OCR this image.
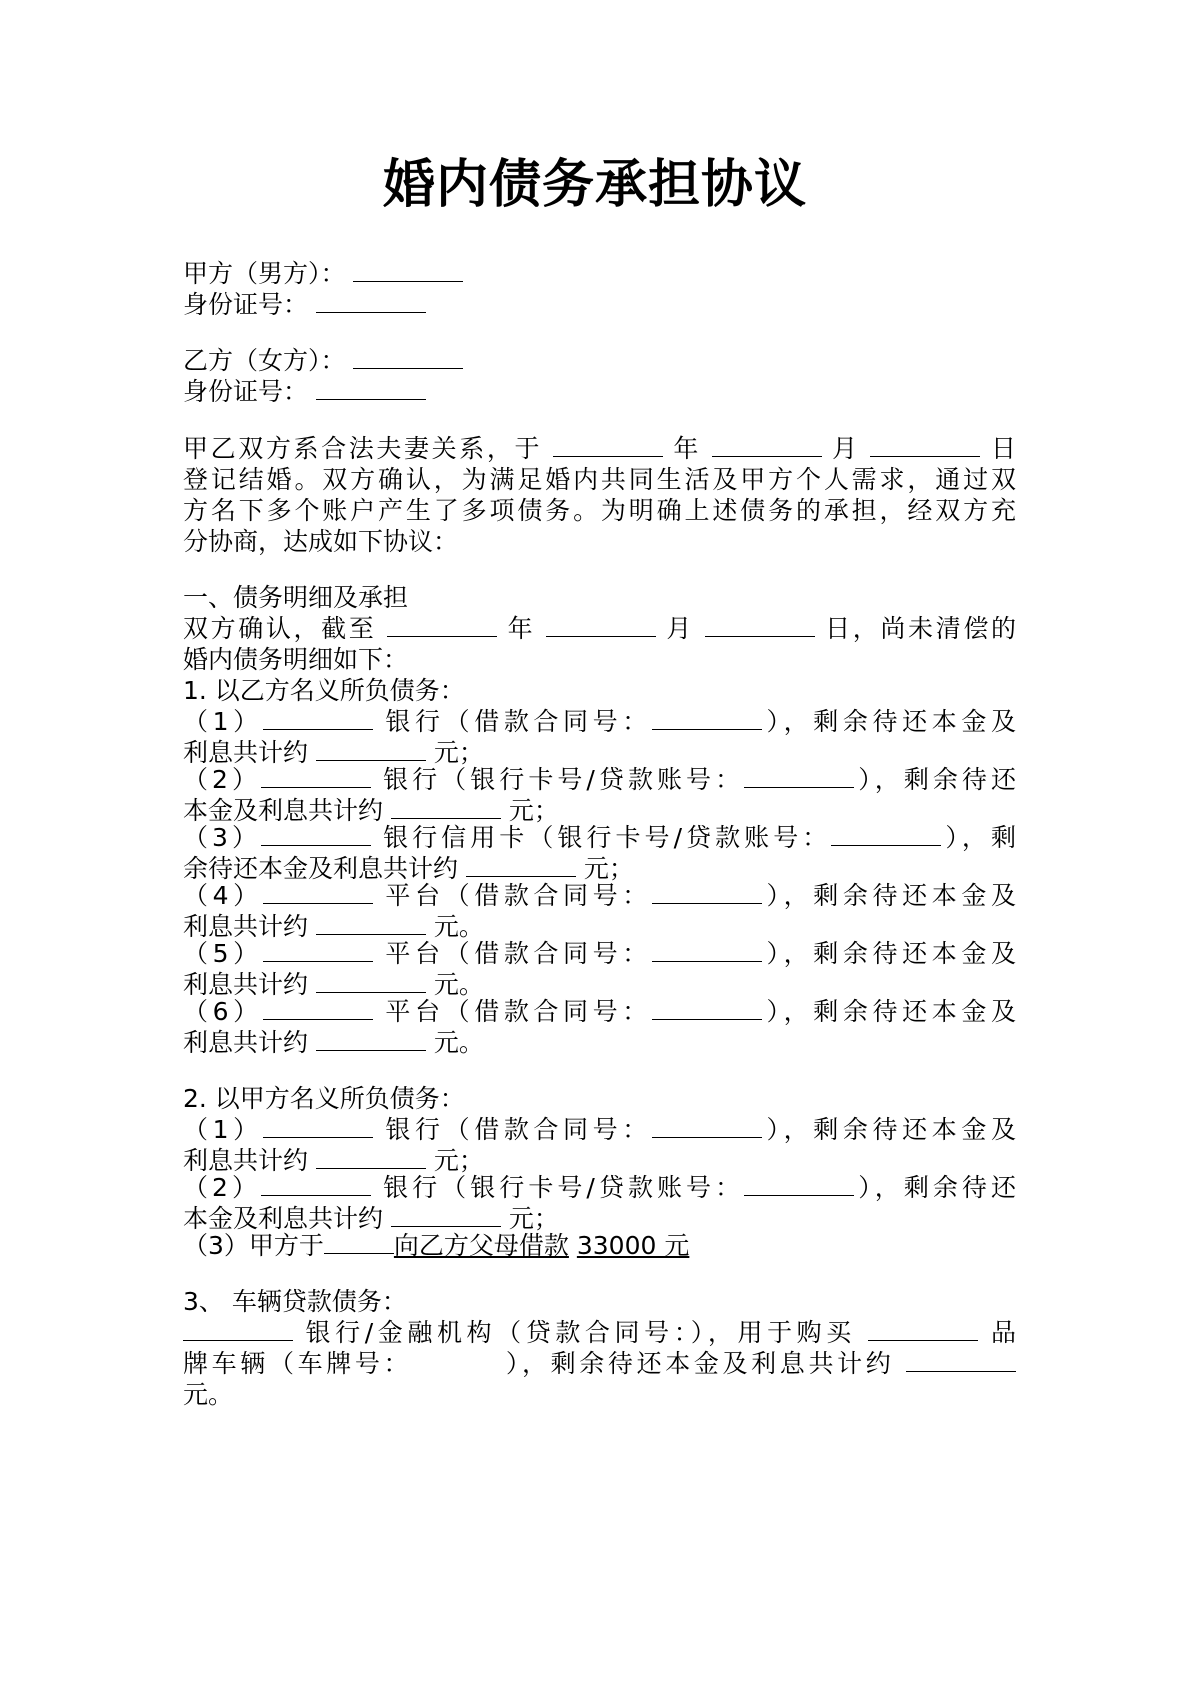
婚内债务承担协议
甲方（男方）：
身份证号：
乙方（女方）：
身份证号：
甲乙双方系合法夫妻关系，于	年	月	日
登记结婚。双方确认，为满足婚内共同生活及甲方个人需求，通过双
方名下多个账户产生了多项债务。为明确上述债务的承担，经双方充
分协商，达成如下协议：
一、债务明细及承担
双方确认，截至	年	月	日，尚未清偿的
婚内债务明细如下：
1. 以乙方名义所负债务：
（1）	银行（借款合同号：	），剩余待还本金及
利息共计约	元；
（2）	银行（银行卡号/贷款账号：	），剩余待还
本金及利息共计约	元；
（3）	银行信用卡（银行卡号/贷款账号：	），剩
余待还本金及利息共计约	元；
（4）	平台（借款合同号：	），剩余待还本金及
利息共计约	元。
（5）	平台（借款合同号：	），剩余待还本金及
利息共计约	元。
（6）	平台（借款合同号：	），剩余待还本金及
利息共计约	元。
2. 以甲方名义所负债务：
（1）	银行（借款合同号：	），剩余待还本金及
利息共计约	元；
（2）	银行（银行卡号/贷款账号：	），剩余待还
本金及利息共计约	元；
（3）甲方于	向乙方父母借款 33000 元
3、 车辆贷款债务：
银行/金融机构（贷款合同号：），用于购买	品
牌车辆（车牌号：	），剩余待还本金及利息共计约
元。
